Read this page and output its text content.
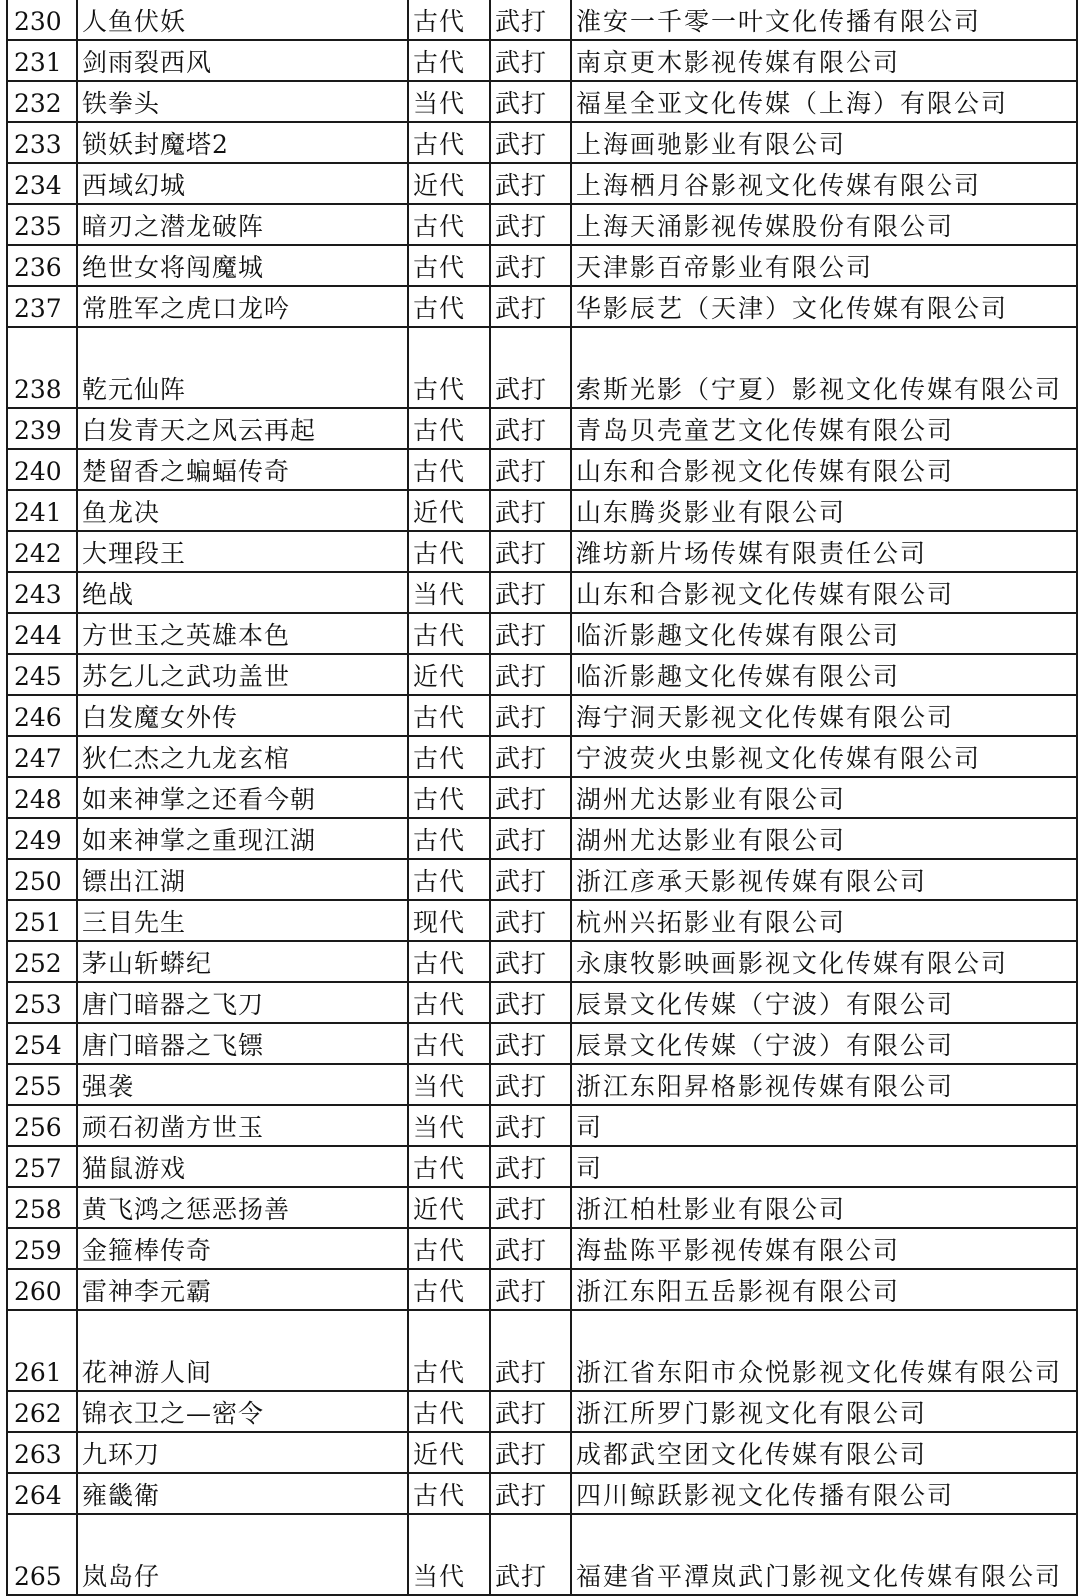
230	人鱼伏妖	古代	武打	淮安一千零一叶文化传播有限公司
231	剑雨裂西风	古代	武打	南京更木影视传媒有限公司
232	铁拳头	当代	武打	福星全亚文化传媒（上海）有限公司
233	锁妖封魔塔2	古代	武打	上海画驰影业有限公司
234	西域幻城	近代	武打	上海栖月谷影视文化传媒有限公司
235	暗刃之潜龙破阵	古代	武打	上海天涌影视传媒股份有限公司
236	绝世女将闯魔城	古代	武打	天津影百帝影业有限公司
237	常胜军之虎口龙吟	古代	武打	华影辰艺（天津）文化传媒有限公司
238	乾元仙阵	古代	武打	索斯光影（宁夏）影视文化传媒有限公司
239	白发青天之风云再起	古代	武打	青岛贝壳童艺文化传媒有限公司
240	楚留香之蝙蝠传奇	古代	武打	山东和合影视文化传媒有限公司
241	鱼龙决	近代	武打	山东腾炎影业有限公司
242	大理段王	古代	武打	潍坊新片场传媒有限责任公司
243	绝战	当代	武打	山东和合影视文化传媒有限公司
244	方世玉之英雄本色	古代	武打	临沂影趣文化传媒有限公司
245	苏乞儿之武功盖世	近代	武打	临沂影趣文化传媒有限公司
246	白发魔女外传	古代	武打	海宁洞天影视文化传媒有限公司
247	狄仁杰之九龙玄棺	古代	武打	宁波荧火虫影视文化传媒有限公司
248	如来神掌之还看今朝	古代	武打	湖州尤达影业有限公司
249	如来神掌之重现江湖	古代	武打	湖州尤达影业有限公司
250	镖出江湖	古代	武打	浙江彦承天影视传媒有限公司
251	三目先生	现代	武打	杭州兴拓影业有限公司
252	茅山斩蟒纪	古代	武打	永康牧影映画影视文化传媒有限公司
253	唐门暗器之飞刀	古代	武打	辰景文化传媒（宁波）有限公司
254	唐门暗器之飞镖	古代	武打	辰景文化传媒（宁波）有限公司
255	强袭	当代	武打	浙江东阳昇格影视传媒有限公司
256	顽石初凿方世玉	当代	武打	司
257	猫鼠游戏	古代	武打	司
258	黄飞鸿之惩恶扬善	近代	武打	浙江柏杜影业有限公司
259	金箍棒传奇	古代	武打	海盐陈平影视传媒有限公司
260	雷神李元霸	古代	武打	浙江东阳五岳影视有限公司
261	花神游人间	古代	武打	浙江省东阳市众悦影视文化传媒有限公司
262	锦衣卫之—密令	古代	武打	浙江所罗门影视文化有限公司
263	九环刀	近代	武打	成都武空团文化传媒有限公司
264	雍畿衛	古代	武打	四川鲸跃影视文化传播有限公司
265	岚岛仔	当代	武打	福建省平潭岚武门影视文化传媒有限公司
